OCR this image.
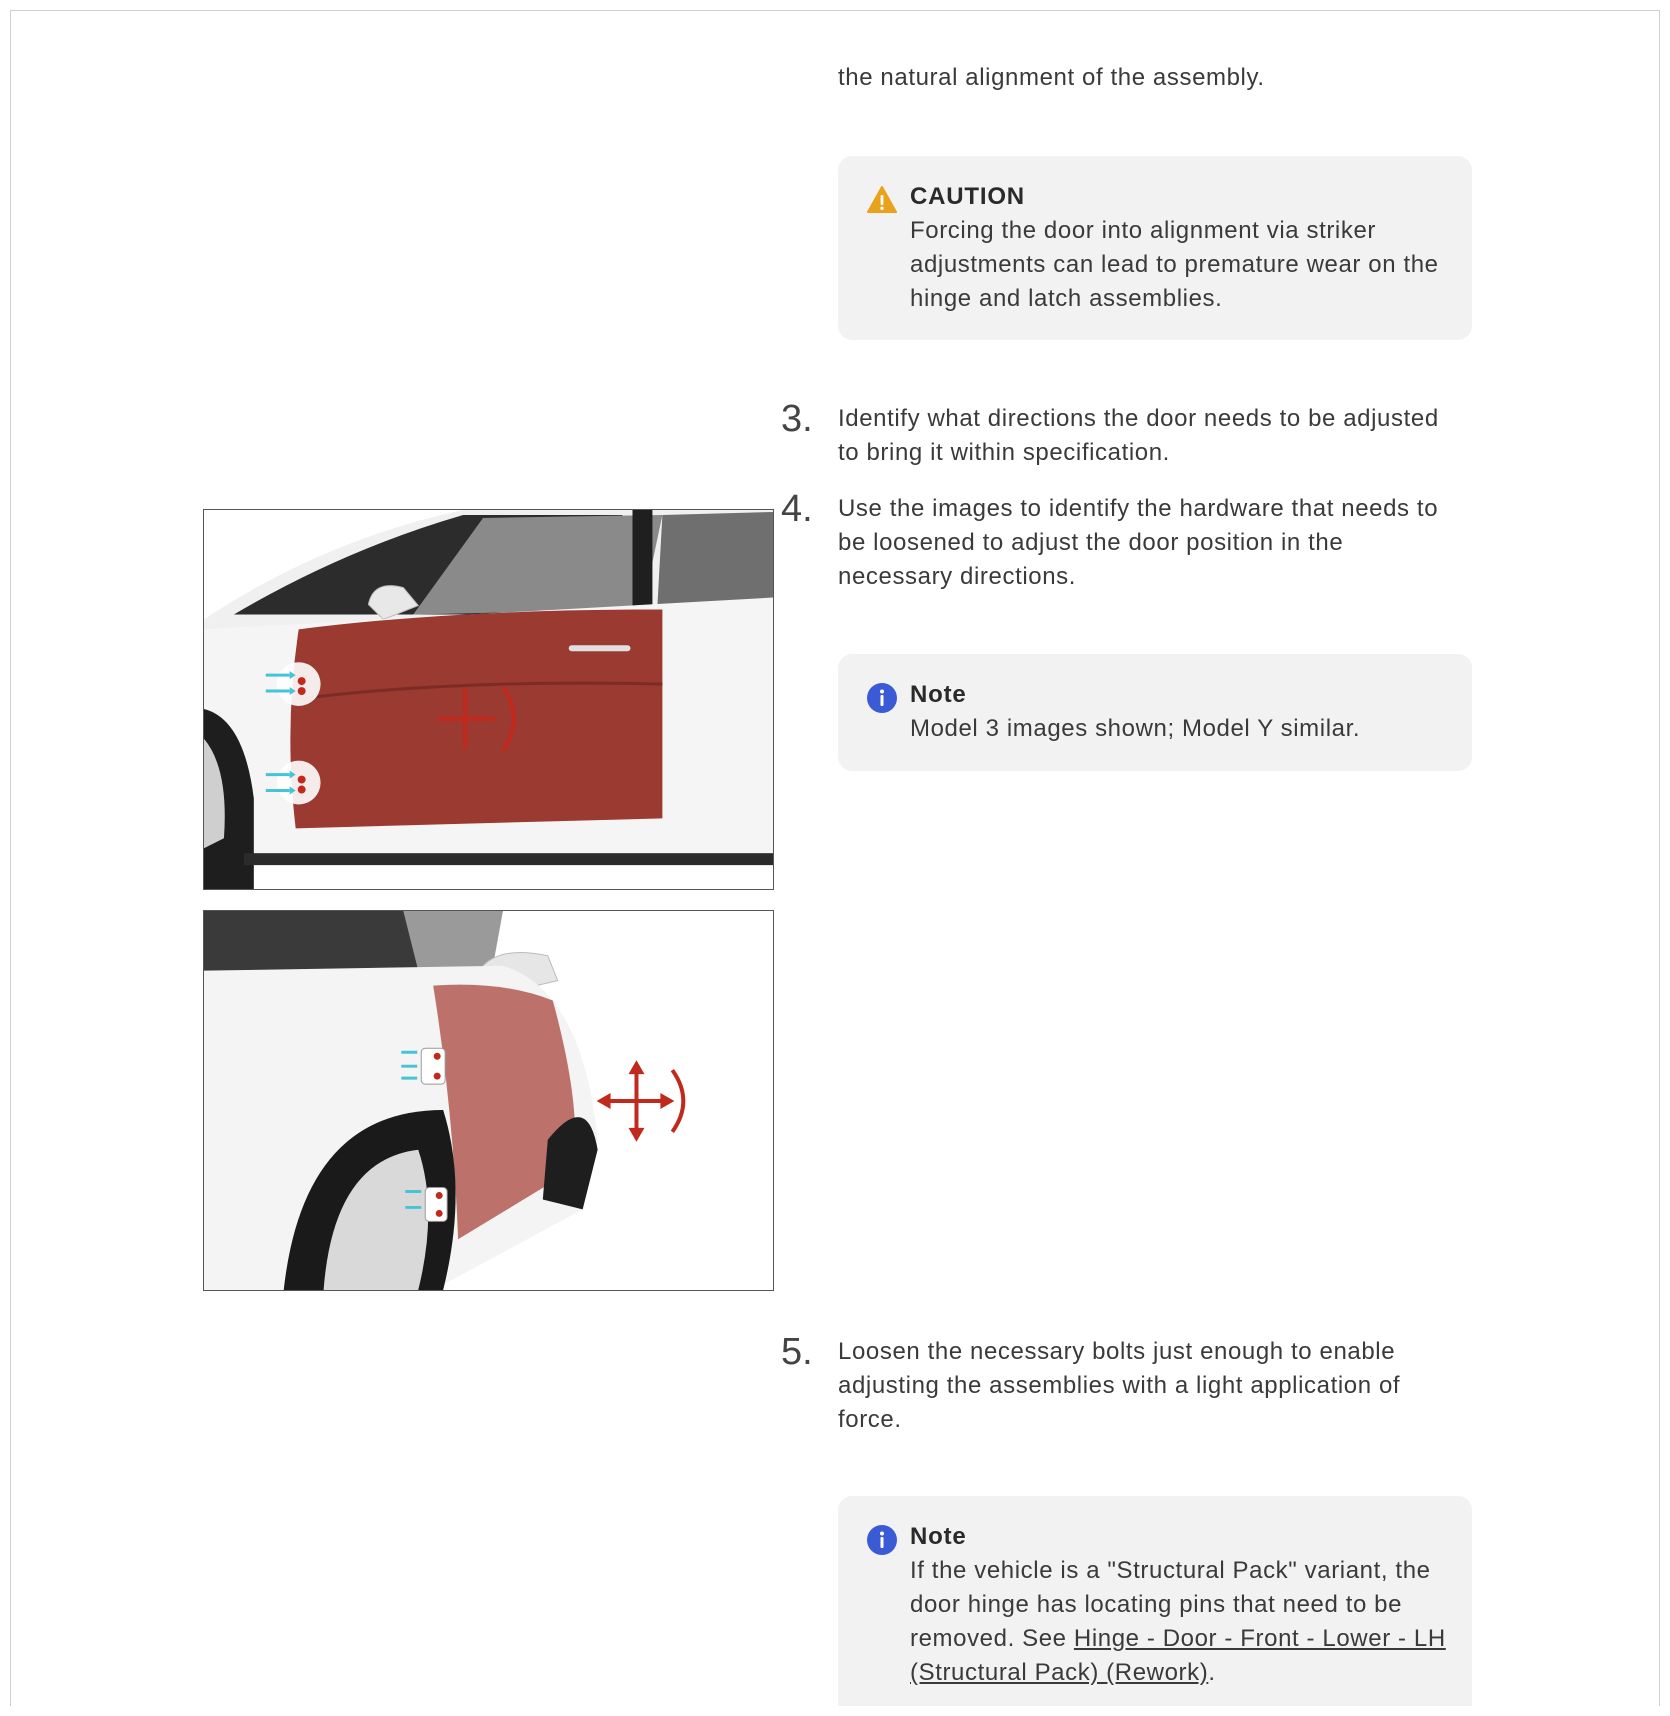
the natural alignment of the assembly.
CAUTION
Forcing the door into alignment via striker adjustments can lead to premature wear on the hinge and latch assemblies.
3. Identify what directions the door needs to be adjusted to bring it within specification.
4. Use the images to identify the hardware that needs to be loosened to adjust the door position in the necessary directions.
Note
Model 3 images shown; Model Y similar.
5. Loosen the necessary bolts just enough to enable adjusting the assemblies with a light application of force.
Note
If the vehicle is a "Structural Pack" variant, the door hinge has locating pins that need to be removed. See Hinge - Door - Front - Lower - LH (Structural Pack) (Rework).
